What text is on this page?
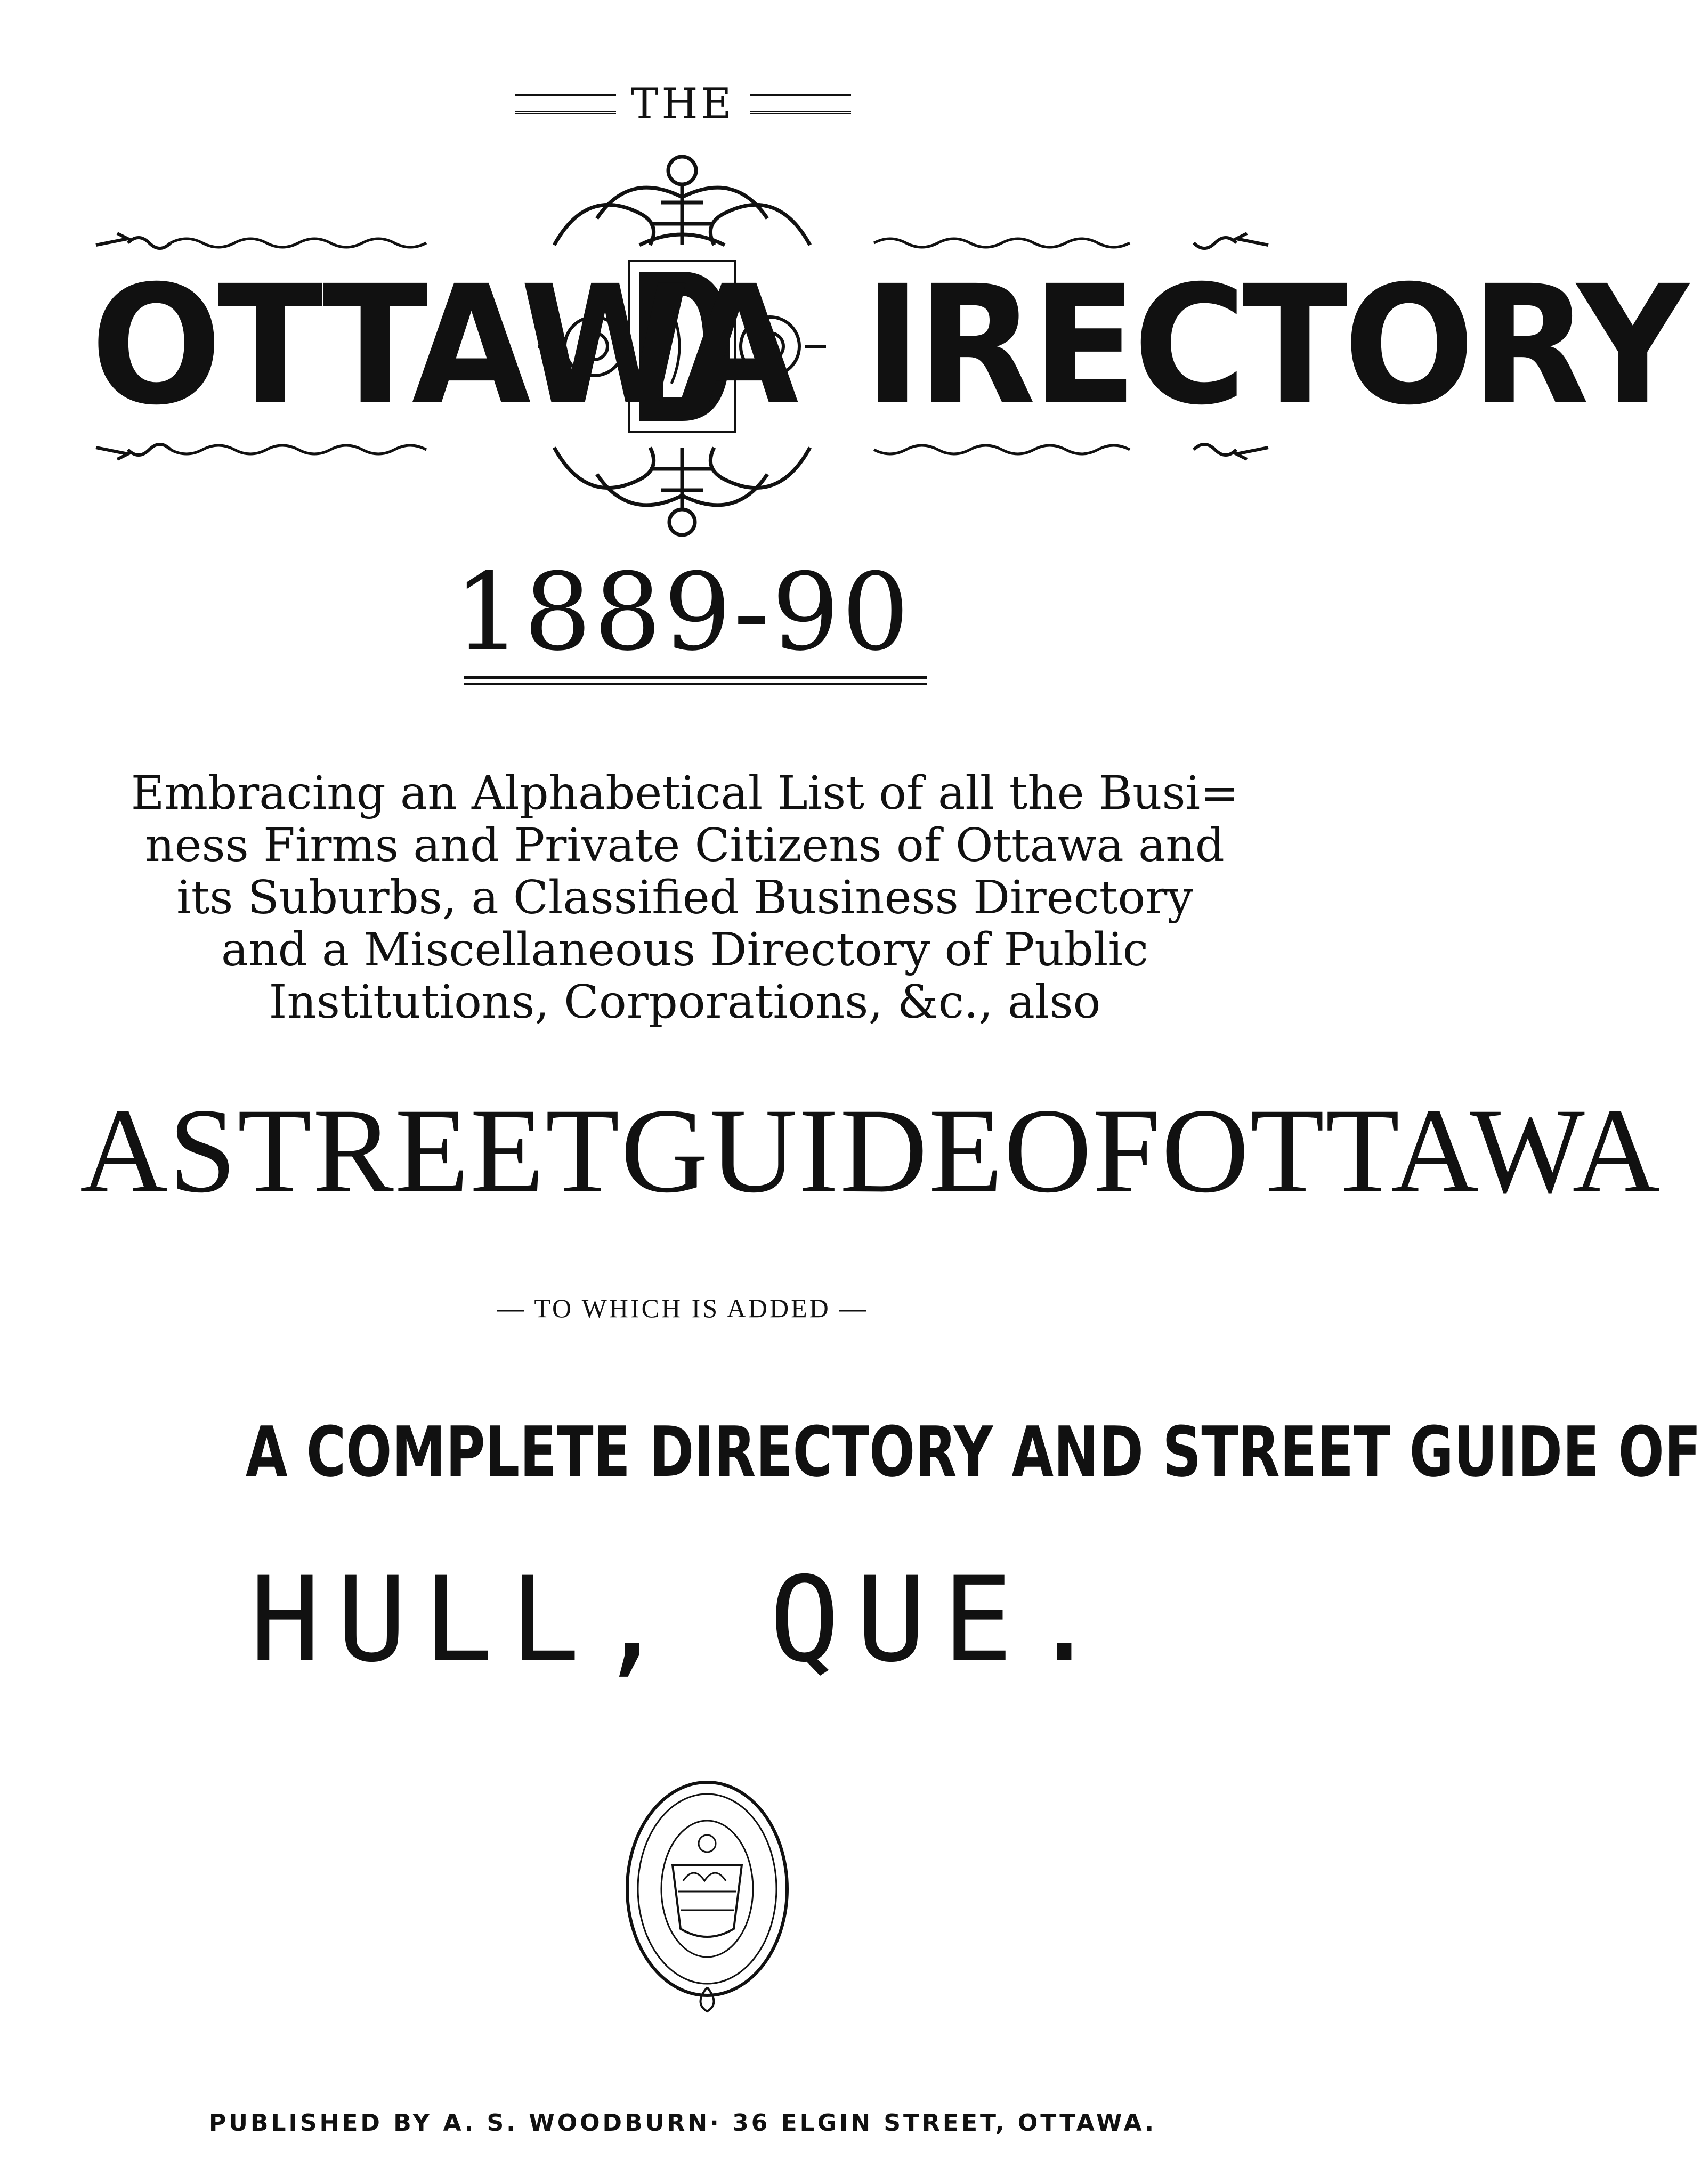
THE
OTTAWA IRECTORY
1889-90
Embracing an Alphabetical List of all the Busi=
ness Firms and Private Citizens of Ottawa and
its Suburbs, a Classified Business Directory
and a Miscellaneous Directory of Public
Institutions, Corporations, &c., also
A STREET GUIDE OF OTTAWA
— TO WHICH IS ADDED —
A COMPLETE DIRECTORY AND STREET GUIDE OF
HULL, QUE.
PUBLISHED BY A. S. WOODBURN· 36 ELGIN STREET, OTTAWA.
